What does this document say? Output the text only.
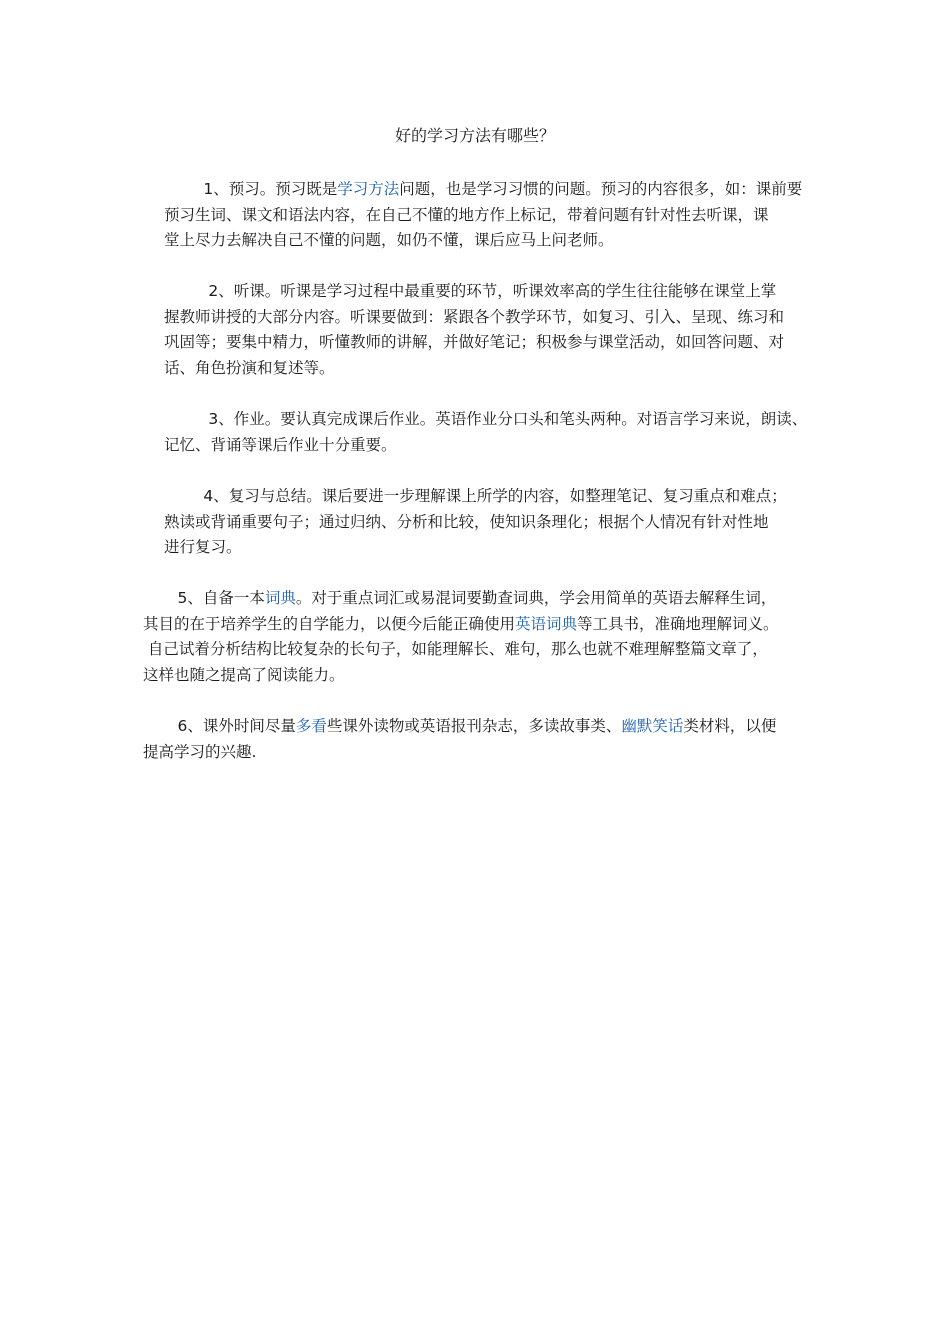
好的学习方法有哪些？
1、预习。预习既是学习方法问题，也是学习习惯的问题。预习的内容很多，如：课前要
预习生词、课文和语法内容，在自己不懂的地方作上标记，带着问题有针对性去听课，课
堂上尽力去解决自己不懂的问题，如仍不懂，课后应马上问老师。
2、听课。听课是学习过程中最重要的环节，听课效率高的学生往往能够在课堂上掌
握教师讲授的大部分内容。听课要做到：紧跟各个教学环节，如复习、引入、呈现、练习和
巩固等；要集中精力，听懂教师的讲解，并做好笔记；积极参与课堂活动，如回答问题、对
话、角色扮演和复述等。
3、作业。要认真完成课后作业。英语作业分口头和笔头两种。对语言学习来说，朗读、
记忆、背诵等课后作业十分重要。
4、复习与总结。课后要进一步理解课上所学的内容，如整理笔记、复习重点和难点；
熟读或背诵重要句子；通过归纳、分析和比较，使知识条理化；根据个人情况有针对性地
进行复习。
5、自备一本词典。对于重点词汇或易混词要勤查词典，学会用简单的英语去解释生词，
其目的在于培养学生的自学能力，以便今后能正确使用英语词典等工具书，准确地理解词义。
自己试着分析结构比较复杂的长句子，如能理解长、难句，那么也就不难理解整篇文章了，
这样也随之提高了阅读能力。
6、课外时间尽量多看些课外读物或英语报刊杂志，多读故事类、幽默笑话类材料，以便
提高学习的兴趣.
